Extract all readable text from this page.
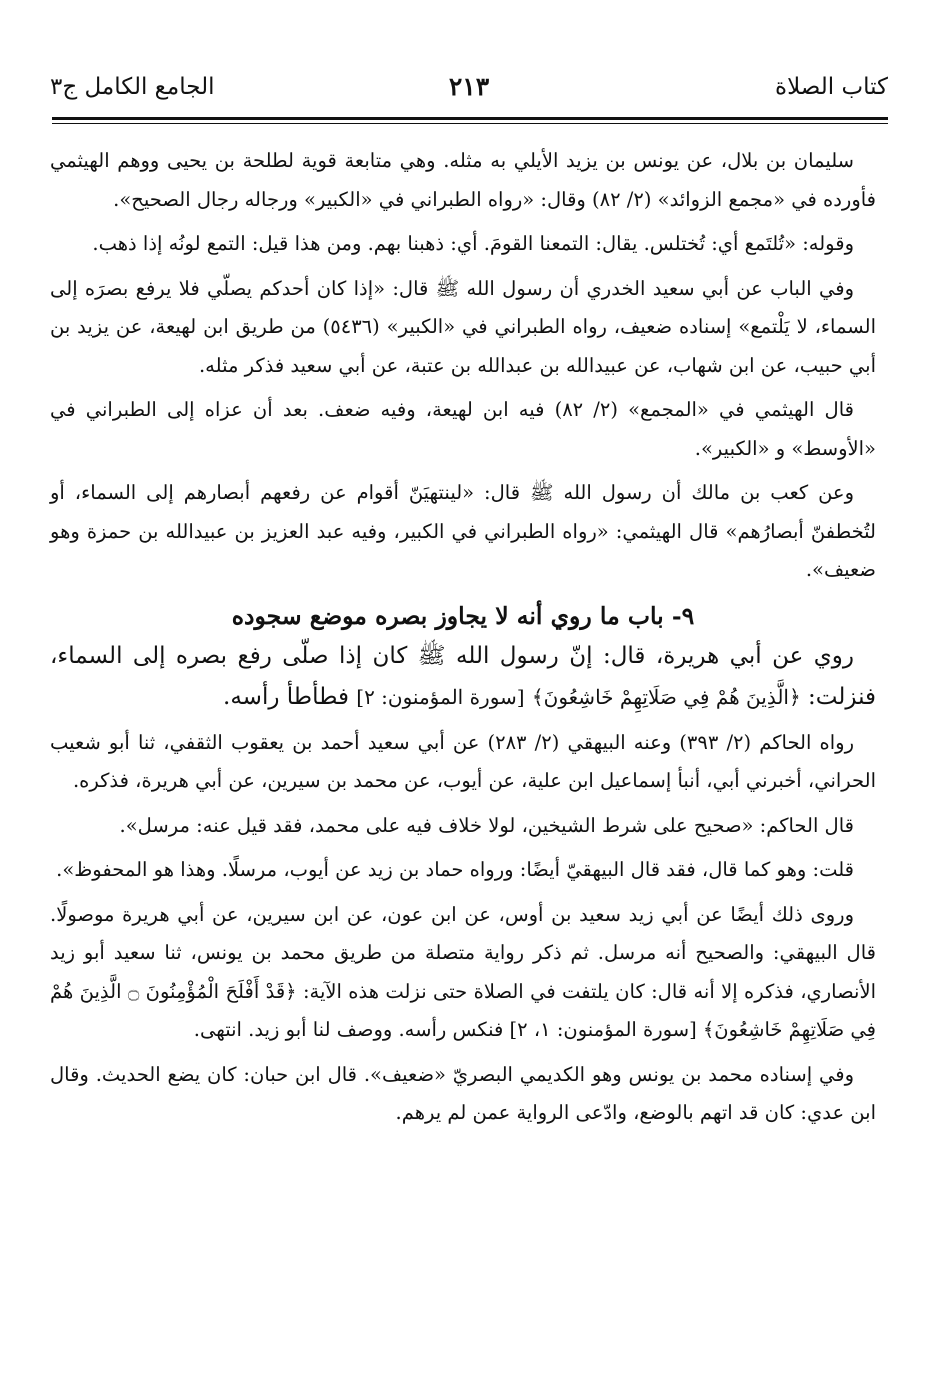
كتاب الصلاة
٢١٣
الجامع الكامل ج٣

سليمان بن بلال، عن يونس بن يزيد الأيلي به مثله. وهي متابعة قوية لطلحة بن يحيى ووهم الهيثمي فأورده في «مجمع الزوائد» (٢/ ٨٢) وقال: «رواه الطبراني في «الكبير» ورجاله رجال الصحيح».

وقوله: «تُلتَمع أي: تُختلس. يقال: التمعنا القومَ. أي: ذهبنا بهم. ومن هذا قيل: التمع لونُه إذا ذهب.

وفي الباب عن أبي سعيد الخدري أن رسول الله ﷺ قال: «إذا كان أحدكم يصلّي فلا يرفع بصرَه إلى السماء، لا يَلْتمع» إسناده ضعيف، رواه الطبراني في «الكبير» (٥٤٣٦) من طريق ابن لهيعة، عن يزيد بن أبي حبيب، عن ابن شهاب، عن عبيدالله بن عبدالله بن عتبة، عن أبي سعيد فذكر مثله.

قال الهيثمي في «المجمع» (٢/ ٨٢) فيه ابن لهيعة، وفيه ضعف. بعد أن عزاه إلى الطبراني في «الأوسط» و «الكبير».

وعن كعب بن مالك أن رسول الله ﷺ قال: «لينتهيَنّ أقوام عن رفعهم أبصارهم إلى السماء، أو لتُخطفنّ أبصارُهم» قال الهيثمي: «رواه الطبراني في الكبير، وفيه عبد العزيز بن عبيدالله بن حمزة وهو ضعيف».

٩- باب ما روي أنه لا يجاوز بصره موضع سجوده

روي عن أبي هريرة، قال: إنّ رسول الله ﷺ كان إذا صلّى رفع بصره إلى السماء، فنزلت: ﴿الَّذِينَ هُمْ فِي صَلَاتِهِمْ خَاشِعُونَ﴾ [سورة المؤمنون: ٢] فطأطأ رأسه.

رواه الحاكم (٢/ ٣٩٣) وعنه البيهقي (٢/ ٢٨٣) عن أبي سعيد أحمد بن يعقوب الثقفي، ثنا أبو شعيب الحراني، أخبرني أبي، أنبأ إسماعيل ابن علية، عن أيوب، عن محمد بن سيرين، عن أبي هريرة، فذكره.

قال الحاكم: «صحيح على شرط الشيخين، لولا خلاف فيه على محمد، فقد قيل عنه: مرسل».

قلت: وهو كما قال، فقد قال البيهقيّ أيضًا: ورواه حماد بن زيد عن أيوب، مرسلًا. وهذا هو المحفوظ».

وروى ذلك أيضًا عن أبي زيد سعيد بن أوس، عن ابن عون، عن ابن سيرين، عن أبي هريرة موصولًا. قال البيهقي: والصحيح أنه مرسل. ثم ذكر رواية متصلة من طريق محمد بن يونس، ثنا سعيد أبو زيد الأنصاري، فذكره إلا أنه قال: كان يلتفت في الصلاة حتى نزلت هذه الآية: ﴿قَدْ أَفْلَحَ الْمُؤْمِنُونَ ۝ الَّذِينَ هُمْ فِي صَلَاتِهِمْ خَاشِعُونَ﴾ [سورة المؤمنون: ١، ٢] فنكس رأسه. ووصف لنا أبو زيد. انتهى.

وفي إسناده محمد بن يونس وهو الكديمي البصريّ «ضعيف». قال ابن حبان: كان يضع الحديث. وقال ابن عدي: كان قد اتهم بالوضع، وادّعى الرواية عمن لم يرهم.
